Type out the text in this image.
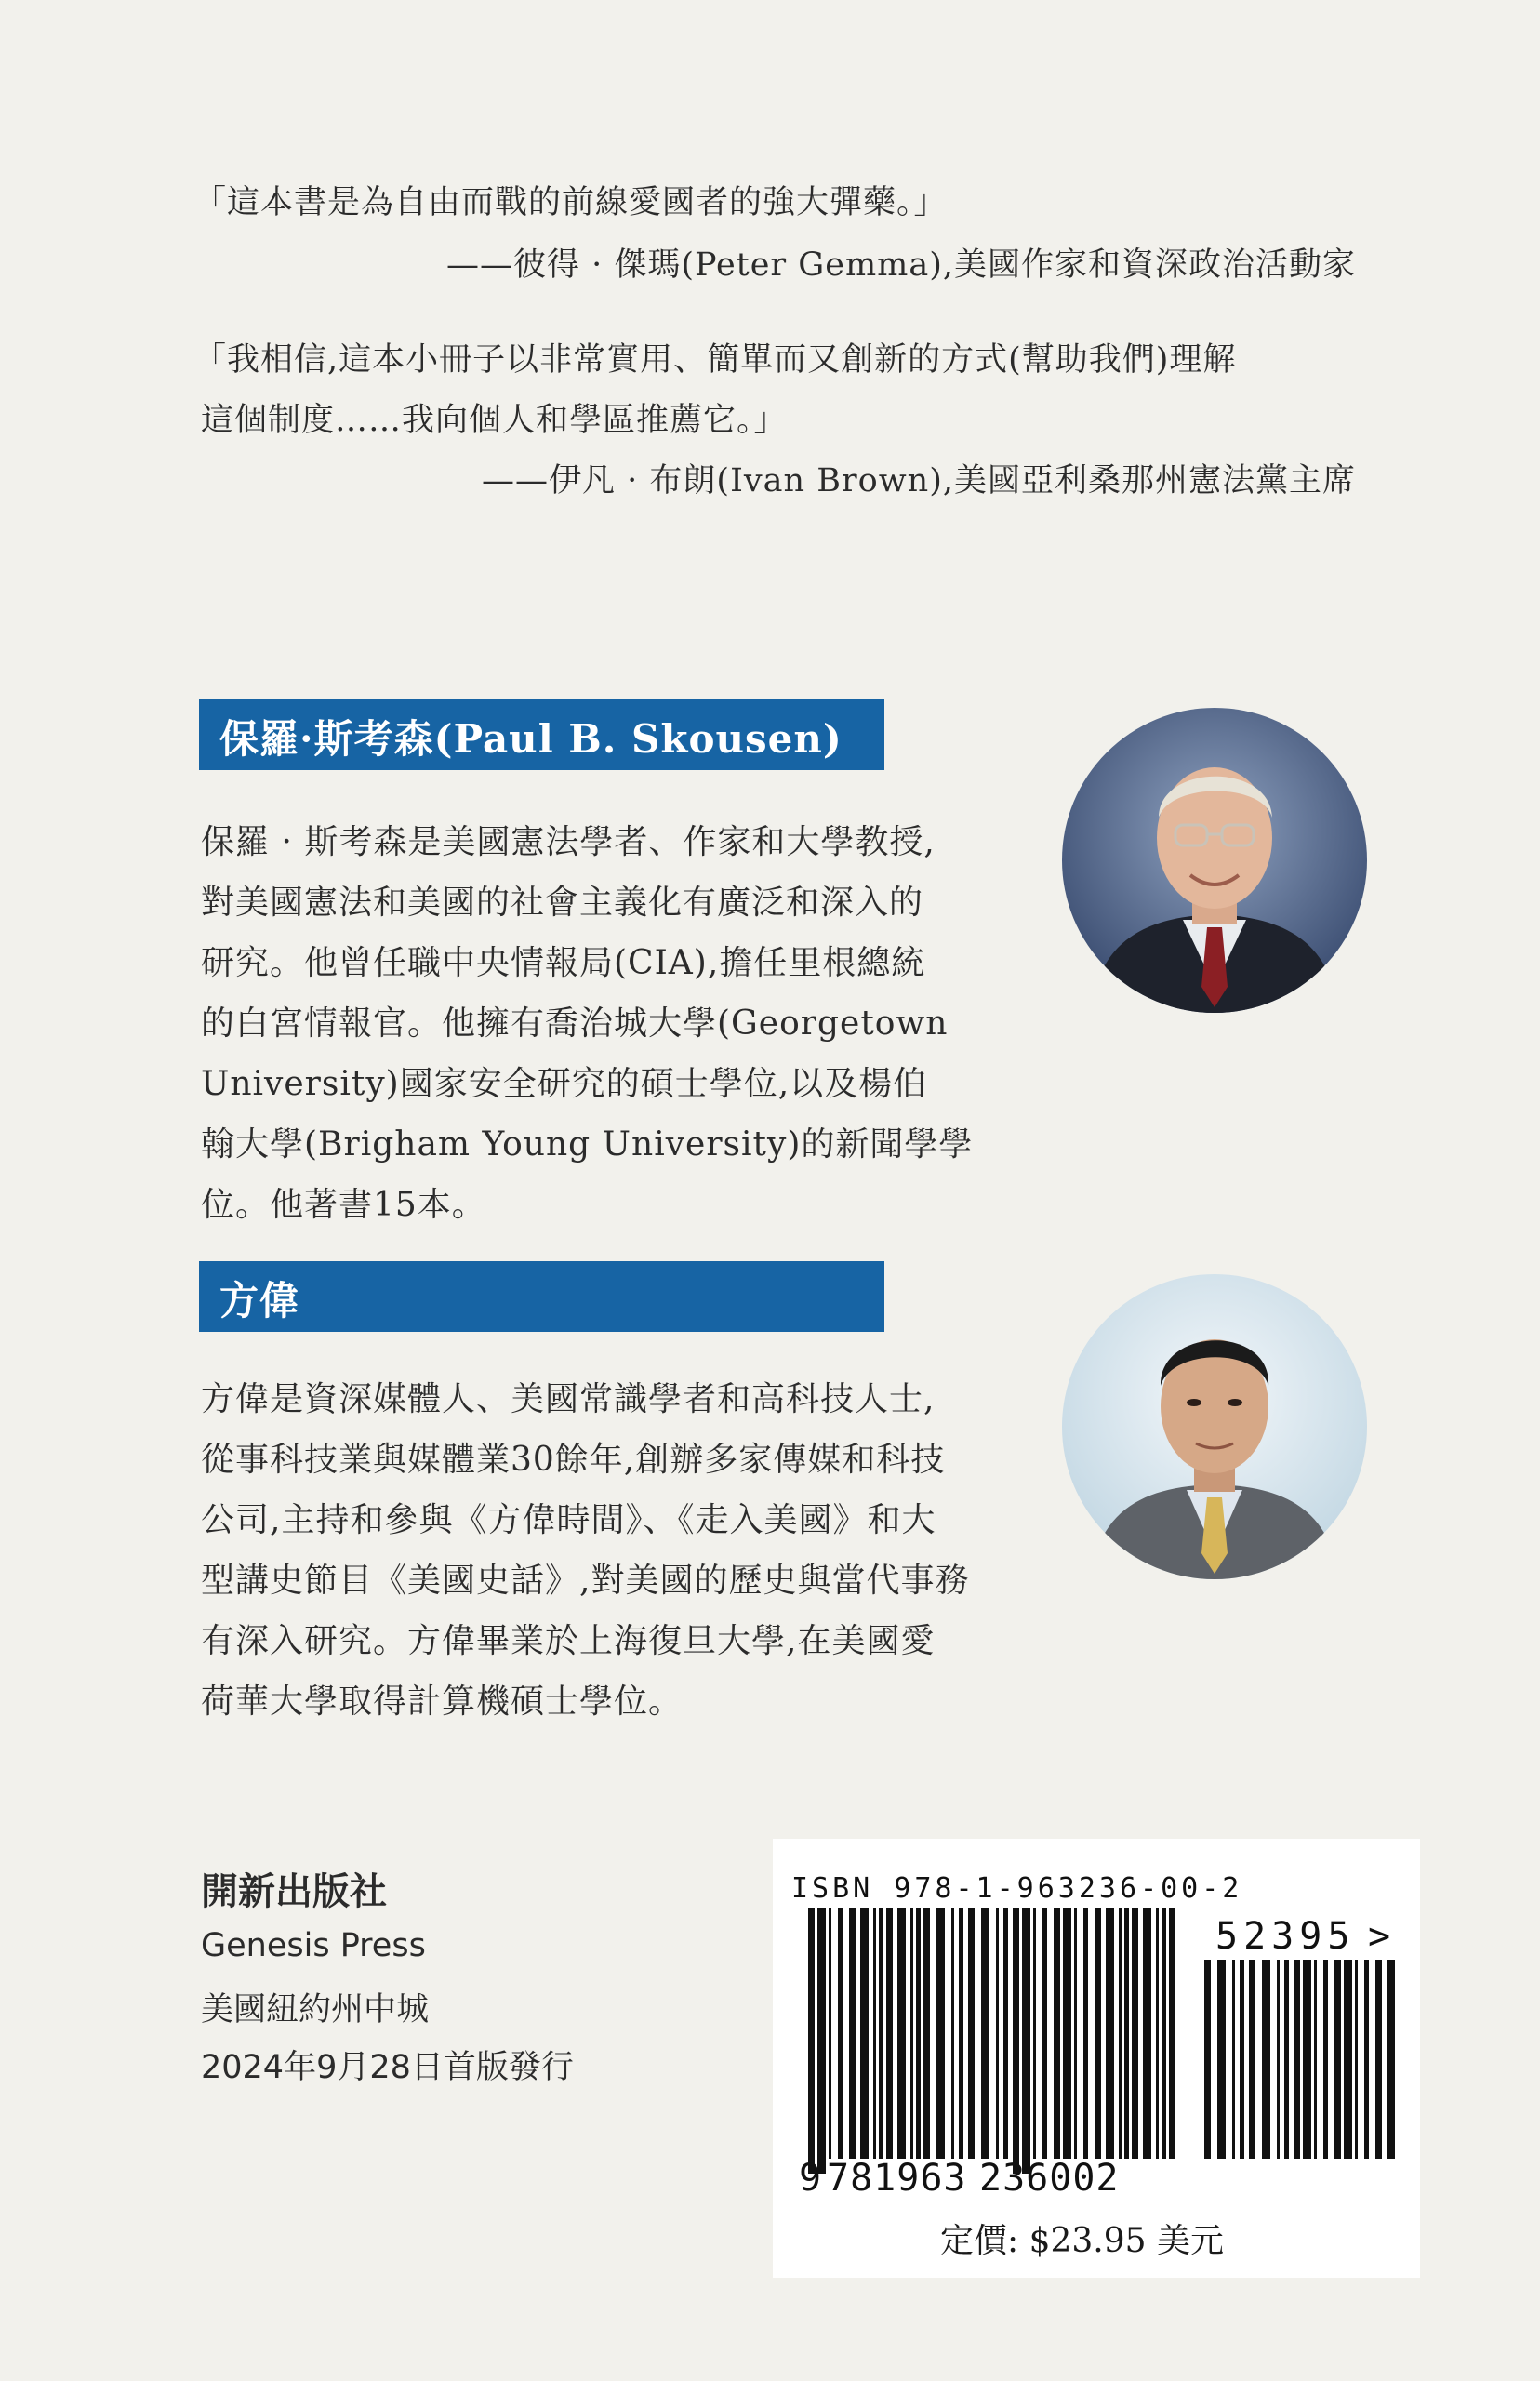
「這本書是為自由而戰的前線愛國者的強大彈藥。」
——彼得 · 傑瑪(Peter Gemma),美國作家和資深政治活動家
「我相信,這本小冊子以非常實用、簡單而又創新的方式(幫助我們)理解
這個制度……我向個人和學區推薦它。」
——伊凡 · 布朗(Ivan Brown),美國亞利桑那州憲法黨主席
保羅·斯考森(Paul B. Skousen)
保羅 · 斯考森是美國憲法學者、作家和大學教授,
對美國憲法和美國的社會主義化有廣泛和深入的
研究。他曾任職中央情報局(CIA),擔任里根總統
的白宮情報官。他擁有喬治城大學(Georgetown
University)國家安全研究的碩士學位,以及楊伯
翰大學(Brigham Young University)的新聞學學
位。他著書15本。
方偉
方偉是資深媒體人、美國常識學者和高科技人士,
從事科技業與媒體業30餘年,創辦多家傳媒和科技
公司,主持和參與《方偉時間》、《走入美國》和大
型講史節目《美國史話》,對美國的歷史與當代事務
有深入研究。方偉畢業於上海復旦大學,在美國愛
荷華大學取得計算機碩士學位。
開新出版社
Genesis Press
美國紐約州中城
2024年9月28日首版發行
ISBN 978-1-963236-00-2
9 781963 236002
52395 >
定價: $23.95 美元
